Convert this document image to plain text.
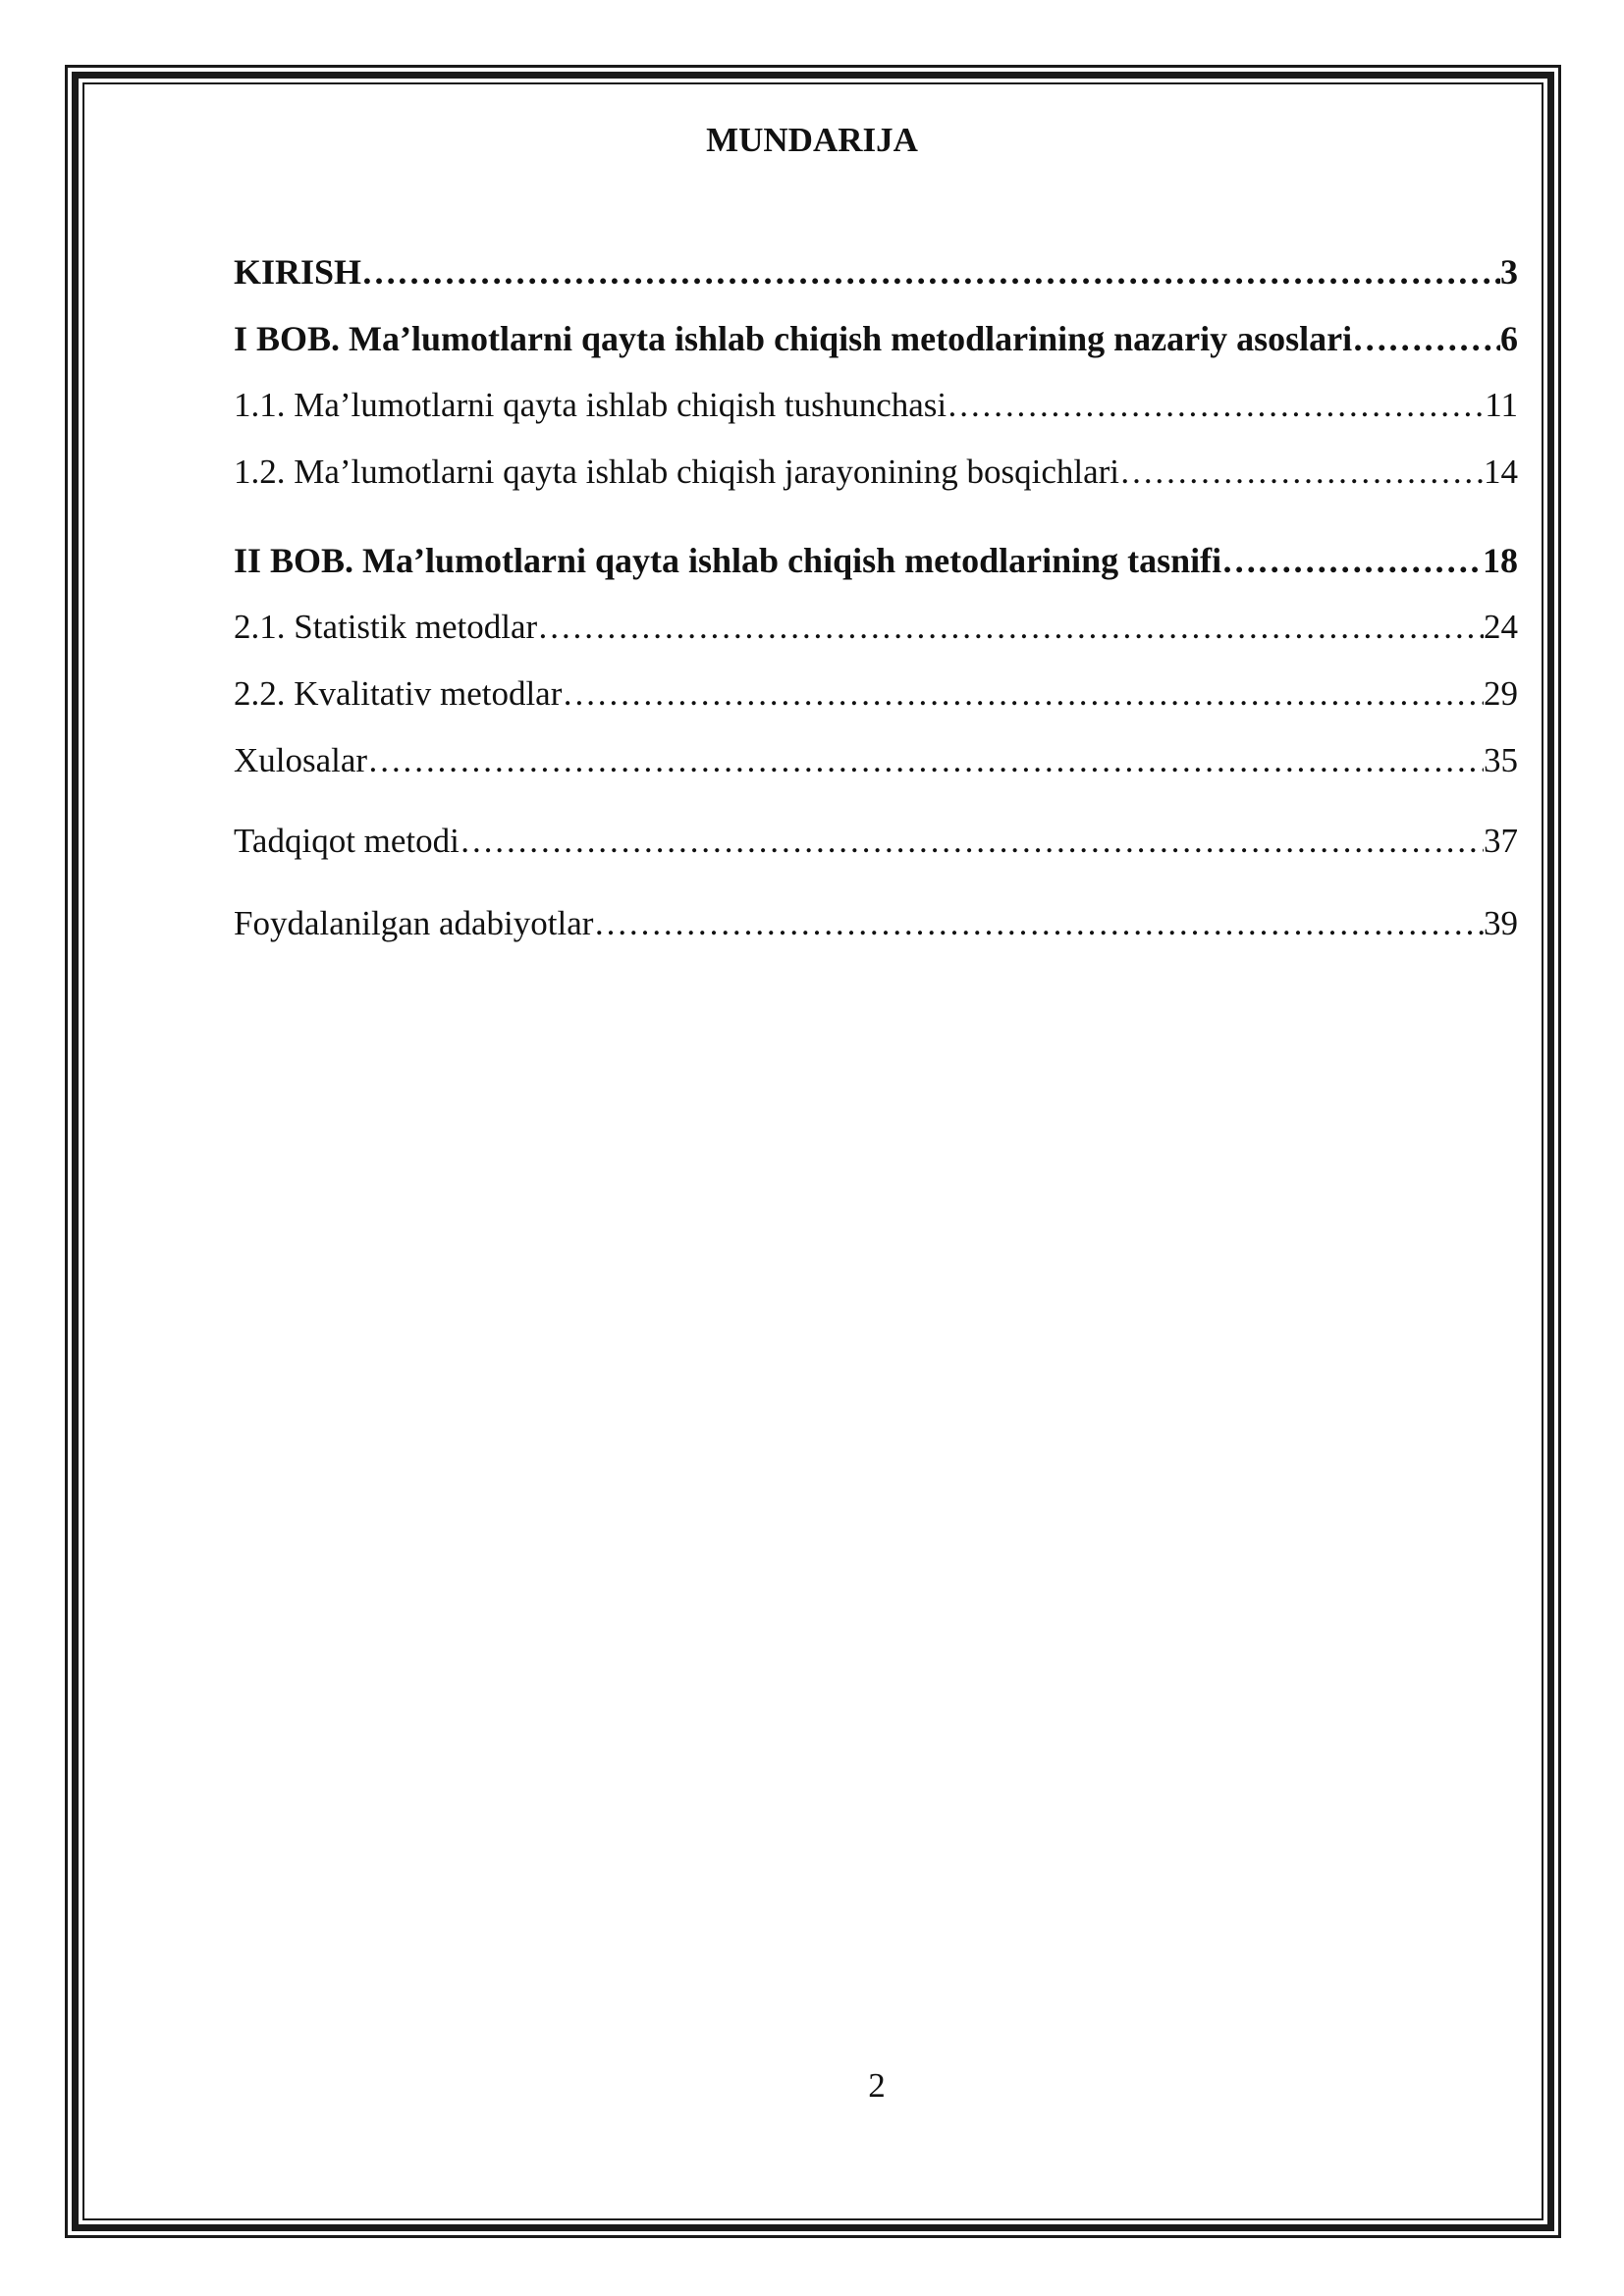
MUNDARIJA
KIRISH …………………………………………………………………………………………………………………………………………………………	3
I BOB. Ma’lumotlarni qayta ishlab chiqish metodlarining nazariy asoslari …………………………………………………………………………………………………………………………………………………………	6
1.1. Ma’lumotlarni qayta ishlab chiqish tushunchasi …………………………………………………………………………………………………………………………………………………………	11
1.2. Ma’lumotlarni qayta ishlab chiqish jarayonining bosqichlari …………………………………………………………………………………………………………………………………………………………	14
II BOB. Ma’lumotlarni qayta ishlab chiqish metodlarining tasnifi …………………………………………………………………………………………………………………………………………………………	18
2.1. Statistik metodlar …………………………………………………………………………………………………………………………………………………………	24
2.2. Kvalitativ metodlar …………………………………………………………………………………………………………………………………………………………	29
Xulosalar …………………………………………………………………………………………………………………………………………………………	35
Tadqiqot metodi …………………………………………………………………………………………………………………………………………………………	37
Foydalanilgan adabiyotlar …………………………………………………………………………………………………………………………………………………………	39
2
